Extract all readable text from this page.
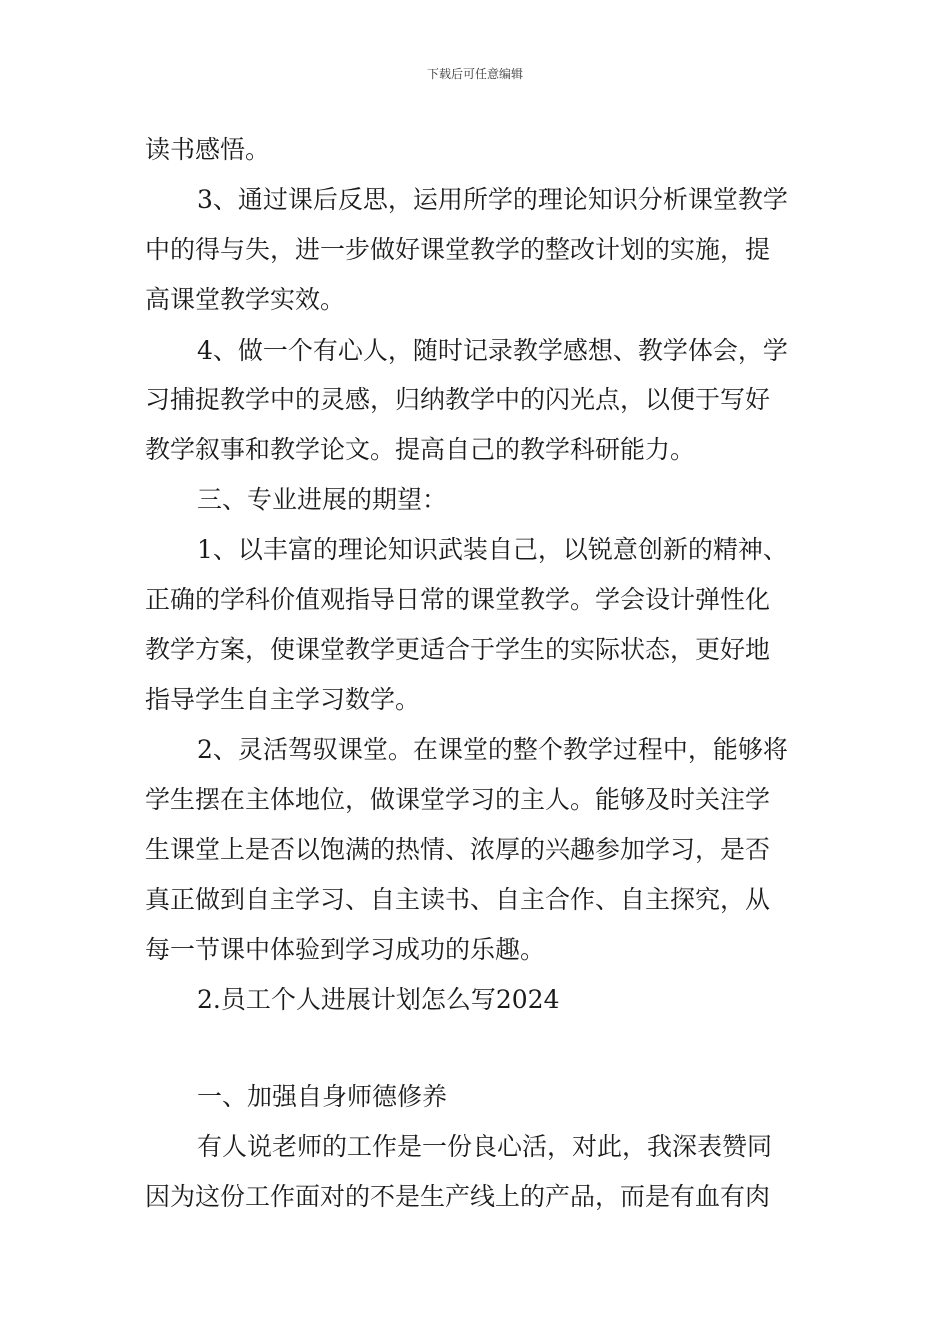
下载后可任意编辑
读书感悟。
3、通过课后反思，运用所学的理论知识分析课堂教学
中的得与失，进一步做好课堂教学的整改计划的实施，提
高课堂教学实效。
4、做一个有心人，随时记录教学感想、教学体会，学
习捕捉教学中的灵感，归纳教学中的闪光点，以便于写好
教学叙事和教学论文。提高自己的教学科研能力。
三、专业进展的期望：
1、以丰富的理论知识武装自己，以锐意创新的精神、
正确的学科价值观指导日常的课堂教学。学会设计弹性化
教学方案，使课堂教学更适合于学生的实际状态，更好地
指导学生自主学习数学。
2、灵活驾驭课堂。在课堂的整个教学过程中，能够将
学生摆在主体地位，做课堂学习的主人。能够及时关注学
生课堂上是否以饱满的热情、浓厚的兴趣参加学习，是否
真正做到自主学习、自主读书、自主合作、自主探究，从
每一节课中体验到学习成功的乐趣。
2.员工个人进展计划怎么写2024
一、加强自身师德修养
有人说老师的工作是一份良心活，对此，我深表赞同
因为这份工作面对的不是生产线上的产品，而是有血有肉
